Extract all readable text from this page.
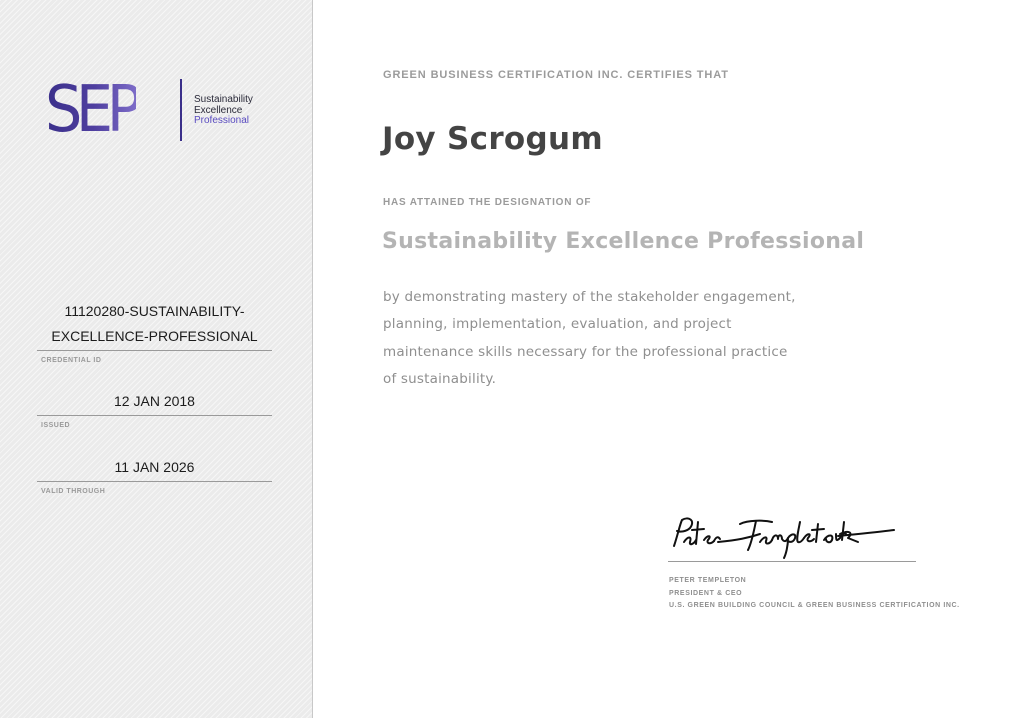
SEP	Sustainability
Excellence
Professional
11120280-SUSTAINABILITY-EXCELLENCE-PROFESSIONAL
CREDENTIAL ID
12 JAN 2018
ISSUED
11 JAN 2026
VALID THROUGH
GREEN BUSINESS CERTIFICATION INC. CERTIFIES THAT
Joy Scrogum
HAS ATTAINED THE DESIGNATION OF
Sustainability Excellence Professional
by demonstrating mastery of the stakeholder engagement, planning, implementation, evaluation, and project maintenance skills necessary for the professional practice of sustainability.
PETER TEMPLETON
PRESIDENT & CEO
U.S. GREEN BUILDING COUNCIL & GREEN BUSINESS CERTIFICATION INC.
